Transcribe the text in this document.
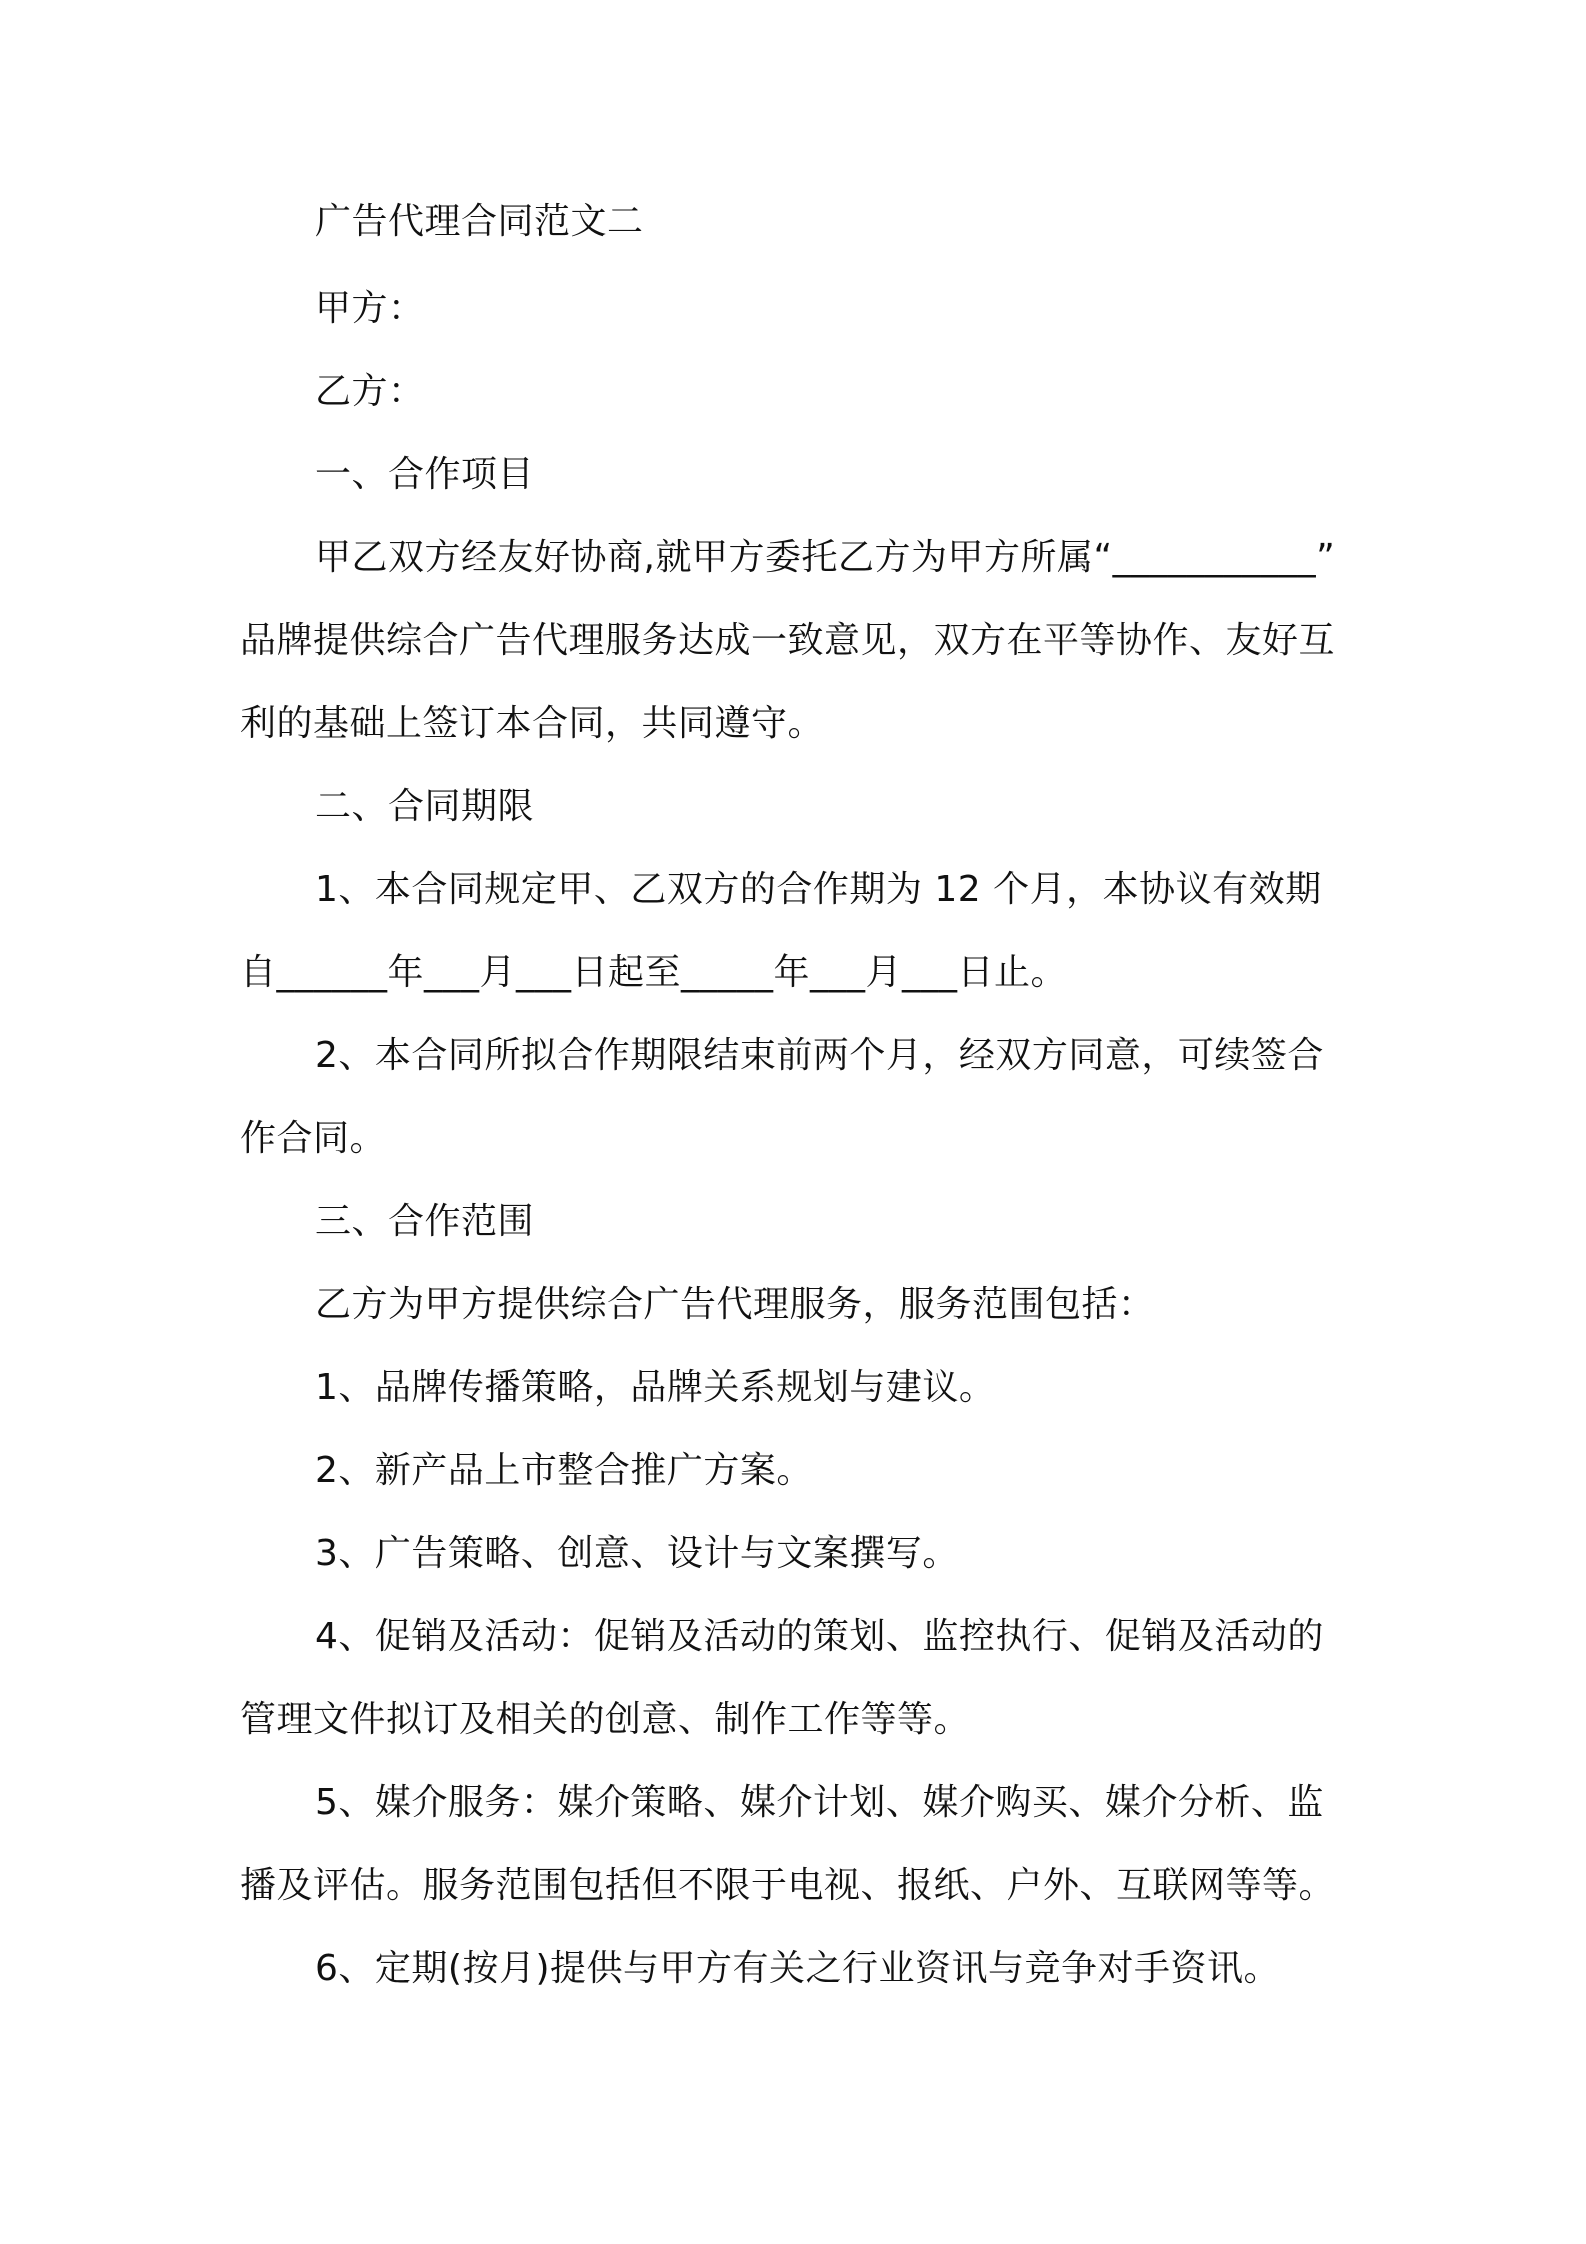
广告代理合同范文二
甲方：
乙方：
一、合作项目
甲乙双方经友好协商,就甲方委托乙方为甲方所属“___________”
品牌提供综合广告代理服务达成一致意见，双方在平等协作、友好互
利的基础上签订本合同，共同遵守。
二、合同期限
1、本合同规定甲、乙双方的合作期为 12 个月，本协议有效期
自______年___月___日起至_____年___月___日止。
2、本合同所拟合作期限结束前两个月，经双方同意，可续签合
作合同。
三、合作范围
乙方为甲方提供综合广告代理服务，服务范围包括：
1、品牌传播策略，品牌关系规划与建议。
2、新产品上市整合推广方案。
3、广告策略、创意、设计与文案撰写。
4、促销及活动：促销及活动的策划、监控执行、促销及活动的
管理文件拟订及相关的创意、制作工作等等。
5、媒介服务：媒介策略、媒介计划、媒介购买、媒介分析、监
播及评估。服务范围包括但不限于电视、报纸、户外、互联网等等。
6、定期(按月)提供与甲方有关之行业资讯与竞争对手资讯。
